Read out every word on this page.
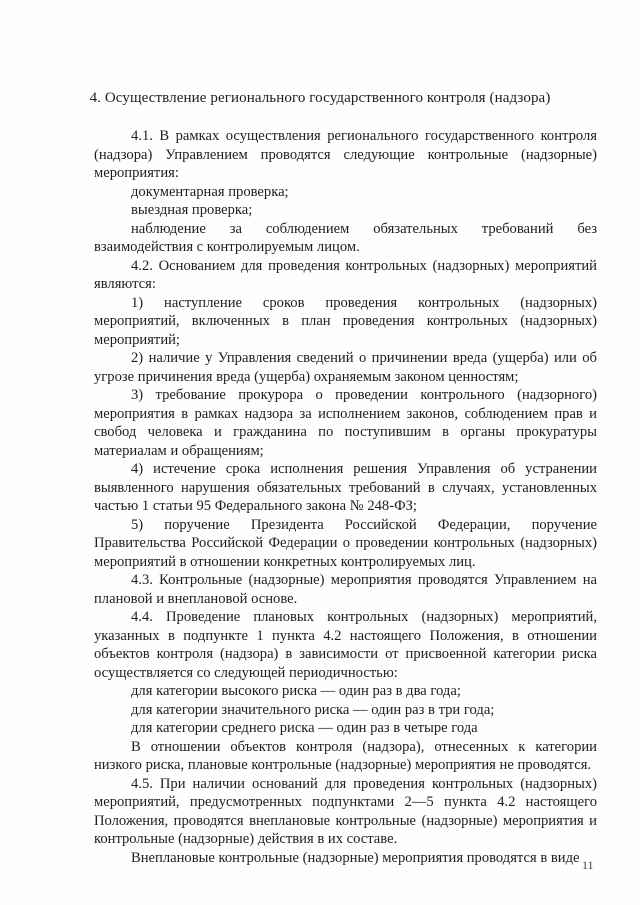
4. Осуществление регионального государственного контроля (надзора)

4.1. В рамках осуществления регионального государственного контроля (надзора) Управлением проводятся следующие контрольные (надзорные) мероприятия:

документарная проверка;

выездная проверка;

наблюдение за соблюдением обязательных требований без взаимодействия с контролируемым лицом.

4.2. Основанием для проведения контрольных (надзорных) мероприятий являются:

1) наступление сроков проведения контрольных (надзорных) мероприятий, включенных в план проведения контрольных (надзорных) мероприятий;

2) наличие у Управления сведений о причинении вреда (ущерба) или об угрозе причинения вреда (ущерба) охраняемым законом ценностям;

3) требование прокурора о проведении контрольного (надзорного) мероприятия в рамках надзора за исполнением законов, соблюдением прав и свобод человека и гражданина по поступившим в органы прокуратуры материалам и обращениям;

4) истечение срока исполнения решения Управления об устранении выявленного нарушения обязательных требований в случаях, установленных частью 1 статьи 95 Федерального закона № 248-ФЗ;

5) поручение Президента Российской Федерации, поручение Правительства Российской Федерации о проведении контрольных (надзорных) мероприятий в отношении конкретных контролируемых лиц.

4.3. Контрольные (надзорные) мероприятия проводятся Управлением на плановой и внеплановой основе.

4.4. Проведение плановых контрольных (надзорных) мероприятий, указанных в подпункте 1 пункта 4.2 настоящего Положения, в отношении объектов контроля (надзора) в зависимости от присвоенной категории риска осуществляется со следующей периодичностью:

для категории высокого риска — один раз в два года;

для категории значительного риска — один раз в три года;

для категории среднего риска — один раз в четыре года

В отношении объектов контроля (надзора), отнесенных к категории низкого риска, плановые контрольные (надзорные) мероприятия не проводятся.

4.5. При наличии оснований для проведения контрольных (надзорных) мероприятий, предусмотренных подпунктами 2—5 пункта 4.2 настоящего Положения, проводятся внеплановые контрольные (надзорные) мероприятия и контрольные (надзорные) действия в их составе.

Внеплановые контрольные (надзорные) мероприятия проводятся в виде 11
